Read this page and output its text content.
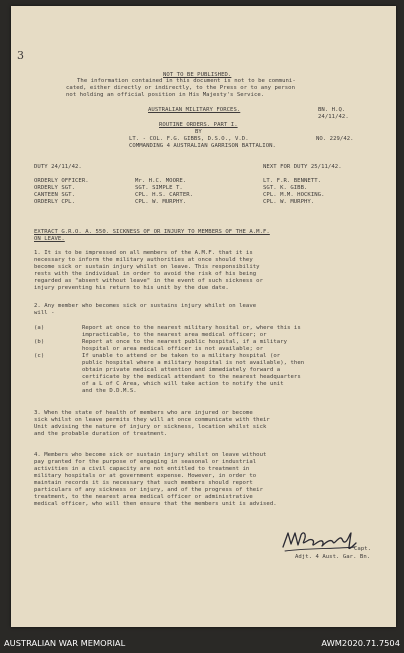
3
NOT TO BE PUBLISHED.
The information contained in this document is not to be communi-
cated, either directly or indirectly, to the Press or to any person
not holding an official position in His Majesty's Service.
AUSTRALIAN MILITARY FORCES.	BN. H.Q.
24/11/42.
ROUTINE ORDERS. PART I.
BY
LT. - COL. F.G. GIBBS, D.S.O., V.D.	NO. 229/42.
COMMANDING 4 AUSTRALIAN GARRISON BATTALION.
DUTY 24/11/42.	NEXT FOR DUTY 25/11/42.
ORDERLY OFFICER.	Mr. H.C. MOORE.	LT. F.R. BENNETT.
ORDERLY SGT.	SGT. SIMPLE T.	SGT. K. GIBB.
CANTEEN SGT.	CPL. H.S. CARTER.	CPL. M.M. HOCKING.
ORDERLY CPL.	CPL. W. MURPHY.	CPL. W. MURPHY.
EXTRACT G.R.O. A. 550. SICKNESS OF OR INJURY TO MEMBERS OF THE A.M.F.
ON LEAVE.
1. It is to be impressed on all members of the A.M.F. that it is
necessary to inform the military authorities at once should they
become sick or sustain injury whilst on leave. This responsibility
rests with the individual in order to avoid the risk of his being
regarded as "absent without leave" in the event of such sickness or
injury preventing his return to his unit by the due date.
2. Any member who becomes sick or sustains injury whilst on leave
will -
(a)	Report at once to the nearest military hosital or, where this is
impracticable, to the nearest area medical officer; or
(b)	Report at once to the nearest public hospital, if a military
hospital or area medical officer is not available; or
(c)	If unable to attend or be taken to a military hospital (or
public hospital where a military hospital is not available), then
obtain private medical attention and immediately forward a
certificate by the medical attendant to the nearest headquarters
of a L of C Area, which will take action to notify the unit
and the D.D.M.S.
3. When the state of health of members who are injured or become
sick whilst on leave permits they will at once communicate with their
Unit advising the nature of injury or sickness, location whilst sick
and the probable duration of treatment.
4. Members who become sick or sustain injury whilst on leave without
pay granted for the purpose of engaging in seasonal or industrial
activities in a civil capacity are not entitled to treatment in
military hospitals or at government expense. However, in order to
maintain records it is necessary that such members should report
particulars of any sickness or injury, and of the progress of their
treatment, to the nearest area medical officer or administrative
medical officer, who will then ensure that the members unit is advised.
Capt.
Adjt. 4 Aust. Gar. Bn.
AUSTRALIAN WAR MEMORIAL	AWM2020.71.7504
